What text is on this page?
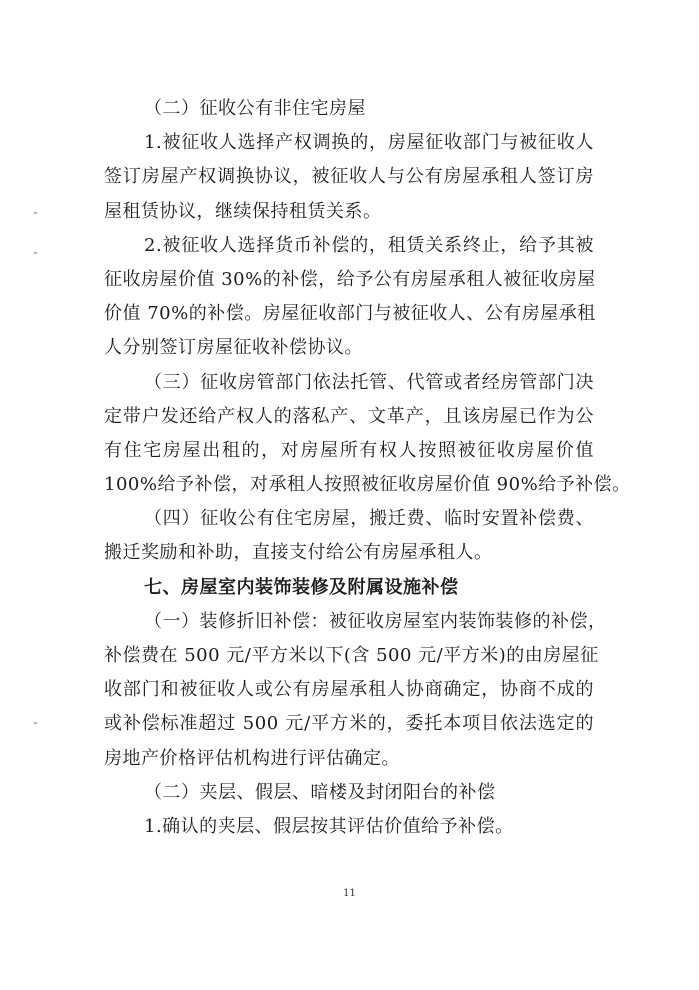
（二）征收公有非住宅房屋
1.被征收人选择产权调换的，房屋征收部门与被征收人
签订房屋产权调换协议，被征收人与公有房屋承租人签订房
屋租赁协议，继续保持租赁关系。
2.被征收人选择货币补偿的，租赁关系终止，给予其被
征收房屋价值 30%的补偿，给予公有房屋承租人被征收房屋
价值 70%的补偿。房屋征收部门与被征收人、公有房屋承租
人分别签订房屋征收补偿协议。
（三）征收房管部门依法托管、代管或者经房管部门决
定带户发还给产权人的落私产、文革产，且该房屋已作为公
有住宅房屋出租的，对房屋所有权人按照被征收房屋价值
100%给予补偿，对承租人按照被征收房屋价值 90%给予补偿。
（四）征收公有住宅房屋，搬迁费、临时安置补偿费、
搬迁奖励和补助，直接支付给公有房屋承租人。
七、房屋室内装饰装修及附属设施补偿
（一）装修折旧补偿：被征收房屋室内装饰装修的补偿，
补偿费在 500 元/平方米以下(含 500 元/平方米)的由房屋征
收部门和被征收人或公有房屋承租人协商确定，协商不成的
或补偿标准超过 500 元/平方米的，委托本项目依法选定的
房地产价格评估机构进行评估确定。
（二）夹层、假层、暗楼及封闭阳台的补偿
1.确认的夹层、假层按其评估价值给予补偿。
11
